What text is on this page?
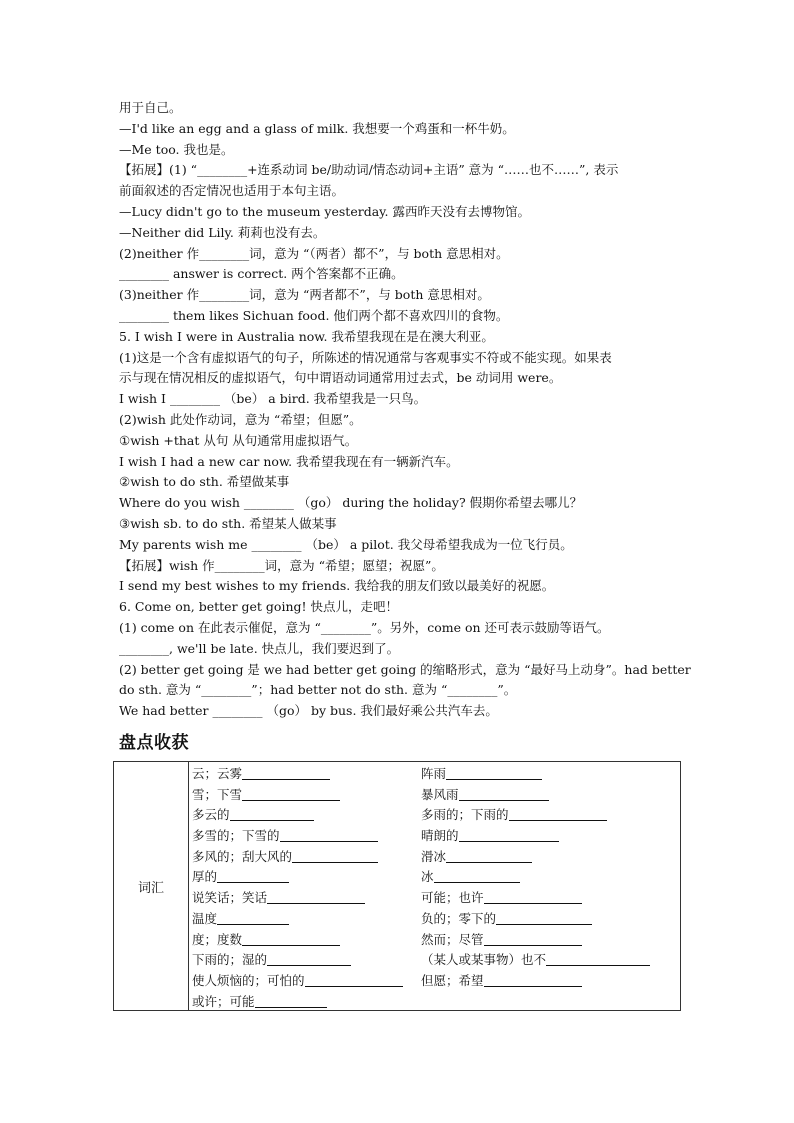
用于自己。
—I'd like an egg and a glass of milk. 我想要一个鸡蛋和一杯牛奶。
—Me too. 我也是。
【拓展】(1) “________+连系动词 be/助动词/情态动词+主语” 意为 “……也不……”, 表示
前面叙述的否定情况也适用于本句主语。
—Lucy didn't go to the museum yesterday. 露西昨天没有去博物馆。
—Neither did Lily. 莉莉也没有去。
(2)neither 作________词，意为 “（两者）都不”，与 both 意思相对。
________ answer is correct. 两个答案都不正确。
(3)neither 作________词，意为 “两者都不”，与 both 意思相对。
________ them likes Sichuan food. 他们两个都不喜欢四川的食物。
5. I wish I were in Australia now. 我希望我现在是在澳大利亚。
(1)这是一个含有虚拟语气的句子，所陈述的情况通常与客观事实不符或不能实现。如果表
示与现在情况相反的虚拟语气，句中谓语动词通常用过去式，be 动词用 were。
I wish I ________ （be） a bird. 我希望我是一只鸟。
(2)wish 此处作动词，意为 “希望；但愿”。
①wish +that 从句 从句通常用虚拟语气。
I wish I had a new car now. 我希望我现在有一辆新汽车。
②wish to do sth. 希望做某事
Where do you wish ________ （go） during the holiday? 假期你希望去哪儿？
③wish sb. to do sth. 希望某人做某事
My parents wish me ________ （be） a pilot. 我父母希望我成为一位飞行员。
【拓展】wish 作________词，意为 “希望；愿望；祝愿”。
I send my best wishes to my friends. 我给我的朋友们致以最美好的祝愿。
6. Come on, better get going! 快点儿，走吧！
(1) come on 在此表示催促，意为 “________”。另外，come on 还可表示鼓励等语气。
________, we'll be late. 快点儿，我们要迟到了。
(2) better get going 是 we had better get going 的缩略形式，意为 “最好马上动身”。had better
do sth. 意为 “________”；had better not do sth. 意为 “________”。
We had better ________ （go） by bus. 我们最好乘公共汽车去。
盘点收获
词汇
云；云雾
雪；下雪
多云的
多雪的；下雪的
多风的；刮大风的
厚的
说笑话；笑话
温度
度；度数
下雨的；湿的
使人烦恼的；可怕的
或许；可能
阵雨
暴风雨
多雨的；下雨的
晴朗的
滑冰
冰
可能；也许
负的；零下的
然而；尽管
（某人或某事物）也不
但愿；希望
